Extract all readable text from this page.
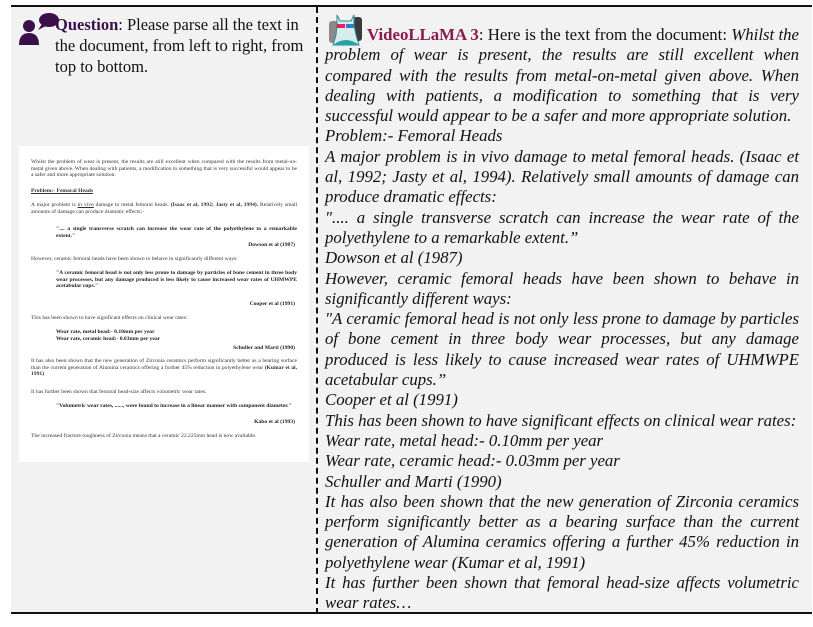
Question: Please parse all the text in the document, from left to right, from top to bottom.
Whilst the problem of wear is present, the results are still excellent when compared with the results from metal-on-metal given above. When dealing with patients, a modification to something that is very successful would appear to be a safer and more appropriate solution.
Problem:- Femoral Heads
A major problem is in vivo damage to metal femoral heads. (Isaac et al, 1992; Jasty et al, 1994). Relatively small amounts of damage can produce dramatic effects:-
".... a single transverse scratch can increase the wear rate of the polyethylene to a remarkable extent."
Dowson et al (1987)
However, ceramic femoral heads have been shown to behave in significantly different ways:
"A ceramic femoral head is not only less prone to damage by particles of bone cement in three body wear processes, but any damage produced is less likely to cause increased wear rates of UHMWPE acetabular cups."
Cooper et al (1991)
This has been shown to have significant effects on clinical wear rates:
Wear rate, metal head:- 0.10mm per year
Wear rate, ceramic head:- 0.03mm per year
Schuller and Marti (1990)
It has also been shown that the new generation of Zirconia ceramics perform significantly better as a bearing surface than the current generation of Alumina ceramics offering a further 45% reduction in polyethylene wear (Kumar et al, 1991)
It has further been shown that femoral head-size affects volumetric wear rates.
"Volumetric wear rates, ......, were found to increase in a linear manner with component diameter."
Kabo et al (1993)
The increased fracture toughness of Zirconia means that a ceramic 22.225mm head is now available.
VideoLLaMA 3: Here is the text from the document: Whilst the problem of wear is present, the results are still excellent when compared with the results from metal-on-metal given above. When dealing with patients, a modification to something that is very successful would appear to be a safer and more appropriate solution.
Problem:- Femoral Heads
A major problem is in vivo damage to metal femoral heads. (Isaac et al, 1992; Jasty et al, 1994). Relatively small amounts of damage can produce dramatic effects:
".... a single transverse scratch can increase the wear rate of the polyethylene to a remarkable extent.”
Dowson et al (1987)
However, ceramic femoral heads have been shown to behave in significantly different ways:
"A ceramic femoral head is not only less prone to damage by particles of bone cement in three body wear processes, but any damage produced is less likely to cause increased wear rates of UHMWPE acetabular cups.”
Cooper et al (1991)
This has been shown to have significant effects on clinical wear rates:
Wear rate, metal head:- 0.10mm per year
Wear rate, ceramic head:- 0.03mm per year
Schuller and Marti (1990)
It has also been shown that the new generation of Zirconia ceramics perform significantly better as a bearing surface than the current generation of Alumina ceramics offering a further 45% reduction in polyethylene wear (Kumar et al, 1991)
It has further been shown that femoral head-size affects volumetric wear rates…
